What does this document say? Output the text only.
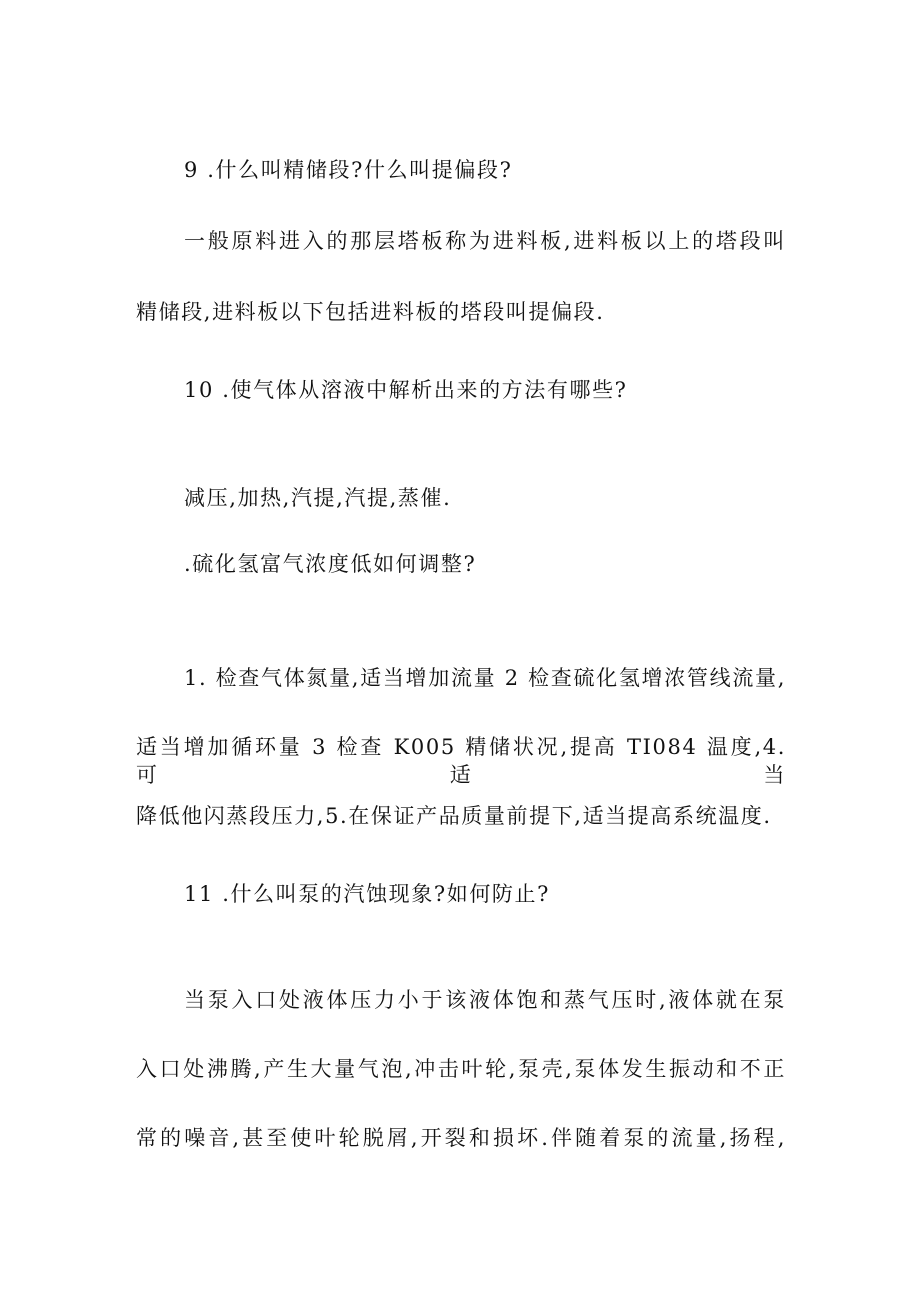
9 .什么叫精储段?什么叫提偏段?
一般原料进入的那层塔板称为进料板,进料板以上的塔段叫
精储段,进料板以下包括进料板的塔段叫提偏段.
10 .使气体从溶液中解析出来的方法有哪些?
减压,加热,汽提,汽提,蒸催.
.硫化氢富气浓度低如何调整?
1. 检查气体氮量,适当增加流量 2 检查硫化氢增浓管线流量,
适当增加循环量 3 检查 K005 精储状况,提高 TI084 温度,4. 可适当
降低他闪蒸段压力,5.在保证产品质量前提下,适当提高系统温度.
11 .什么叫泵的汽蚀现象?如何防止?
当泵入口处液体压力小于该液体饱和蒸气压时,液体就在泵
入口处沸腾,产生大量气泡,冲击叶轮,泵壳,泵体发生振动和不正
常的噪音,甚至使叶轮脱屑,开裂和损坏.伴随着泵的流量,扬程,
